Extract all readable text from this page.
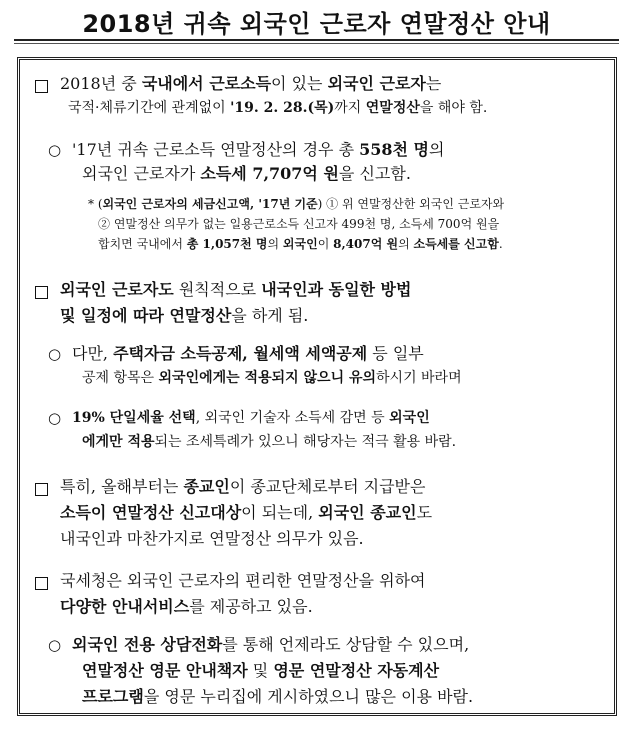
2018년 귀속 외국인 근로자 연말정산 안내
2018년 중 국내에서 근로소득이 있는 외국인 근로자는
국적·체류기간에 관계없이 '19. 2. 28.(목)까지 연말정산을 해야 함.
○ '17년 귀속 근로소득 연말정산의 경우 총 558천 명의
외국인 근로자가 소득세 7,707억 원을 신고함.
* (외국인 근로자의 세금신고액, '17년 기준) ① 위 연말정산한 외국인 근로자와
② 연말정산 의무가 없는 일용근로소득 신고자 499천 명, 소득세 700억 원을
합치면 국내에서 총 1,057천 명의 외국인이 8,407억 원의 소득세를 신고함.
외국인 근로자도 원칙적으로 내국인과 동일한 방법
및 일정에 따라 연말정산을 하게 됨.
○ 다만, 주택자금 소득공제, 월세액 세액공제 등 일부
공제 항목은 외국인에게는 적용되지 않으니 유의하시기 바라며
○ 19% 단일세율 선택, 외국인 기술자 소득세 감면 등 외국인
에게만 적용되는 조세특례가 있으니 해당자는 적극 활용 바람.
특히, 올해부터는 종교인이 종교단체로부터 지급받은
소득이 연말정산 신고대상이 되는데, 외국인 종교인도
내국인과 마찬가지로 연말정산 의무가 있음.
국세청은 외국인 근로자의 편리한 연말정산을 위하여
다양한 안내서비스를 제공하고 있음.
○ 외국인 전용 상담전화를 통해 언제라도 상담할 수 있으며,
연말정산 영문 안내책자 및 영문 연말정산 자동계산
프로그램을 영문 누리집에 게시하였으니 많은 이용 바람.
